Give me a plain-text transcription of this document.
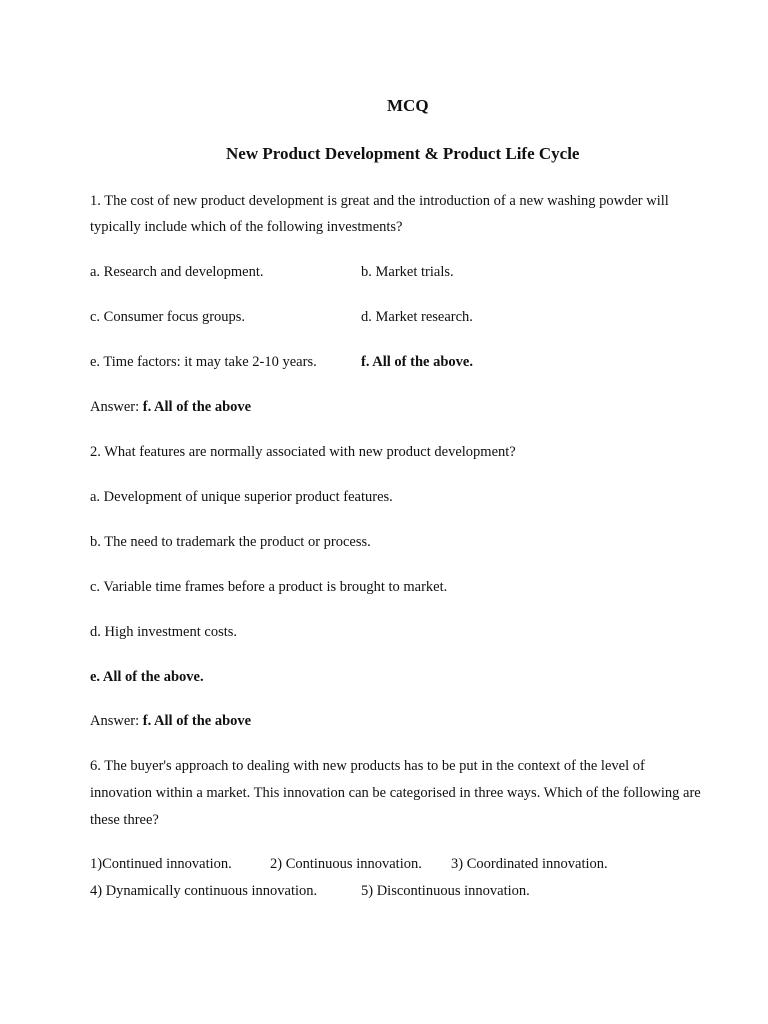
MCQ
New Product Development & Product Life Cycle
1. The cost of new product development is great and the introduction of a new washing powder will
typically include which of the following investments?
a. Research and development.	b. Market trials.
c. Consumer focus groups.	d. Market research.
e. Time factors: it may take 2-10 years.	f. All of the above.
Answer: f. All of the above
2. What features are normally associated with new product development?
a. Development of unique superior product features.
b. The need to trademark the product or process.
c. Variable time frames before a product is brought to market.
d. High investment costs.
e. All of the above.
Answer: f. All of the above
6. The buyer's approach to dealing with new products has to be put in the context of the level of
innovation within a market. This innovation can be categorised in three ways. Which of the following are
these three?
1)Continued innovation.	2) Continuous innovation. 3) Coordinated innovation.
4) Dynamically continuous innovation.	5) Discontinuous innovation.
